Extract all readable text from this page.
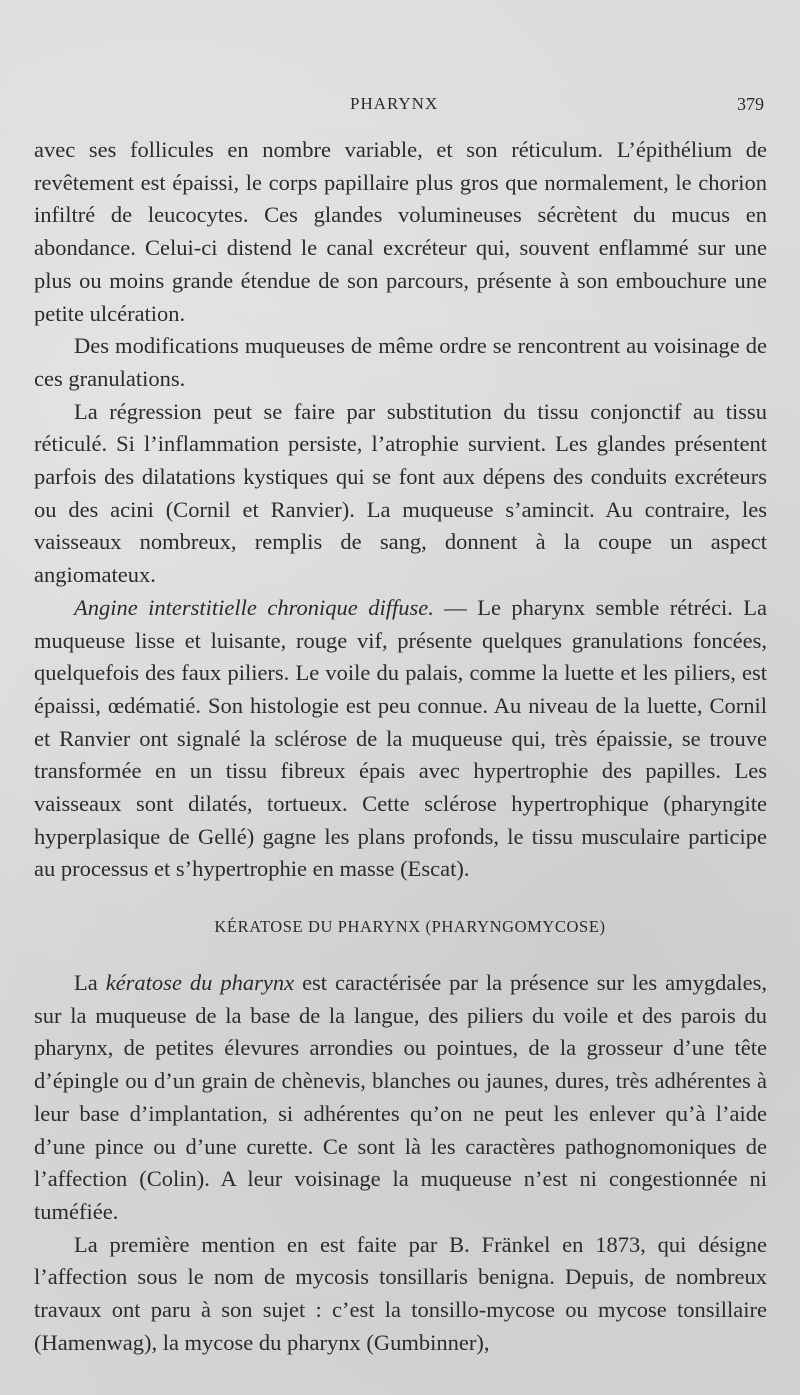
PHARYNX	379

avec ses follicules en nombre variable, et son réticulum. L’épithélium de revêtement est épaissi, le corps papillaire plus gros que normalement, le chorion infiltré de leucocytes. Ces glandes volumineuses sécrètent du mucus en abondance. Celui-ci distend le canal excréteur qui, souvent enflammé sur une plus ou moins grande étendue de son parcours, présente à son embouchure une petite ulcération.

Des modifications muqueuses de même ordre se rencontrent au voisinage de ces granulations.

La régression peut se faire par substitution du tissu conjonctif au tissu réticulé. Si l’inflammation persiste, l’atrophie survient. Les glandes présentent parfois des dilatations kystiques qui se font aux dépens des conduits excréteurs ou des acini (Cornil et Ranvier). La muqueuse s’amincit. Au contraire, les vaisseaux nombreux, remplis de sang, donnent à la coupe un aspect angiomateux.

Angine interstitielle chronique diffuse. — Le pharynx semble rétréci. La muqueuse lisse et luisante, rouge vif, présente quelques granulations foncées, quelquefois des faux piliers. Le voile du palais, comme la luette et les piliers, est épaissi, œdématié. Son histologie est peu connue. Au niveau de la luette, Cornil et Ranvier ont signalé la sclérose de la muqueuse qui, très épaissie, se trouve transformée en un tissu fibreux épais avec hypertrophie des papilles. Les vaisseaux sont dilatés, tortueux. Cette sclérose hypertrophique (pharyngite hyperplasique de Gellé) gagne les plans profonds, le tissu musculaire participe au processus et s’hypertrophie en masse (Escat).

KÉRATOSE DU PHARYNX (PHARYNGOMYCOSE)

La kératose du pharynx est caractérisée par la présence sur les amygdales, sur la muqueuse de la base de la langue, des piliers du voile et des parois du pharynx, de petites élevures arrondies ou pointues, de la grosseur d’une tête d’épingle ou d’un grain de chènevis, blanches ou jaunes, dures, très adhérentes à leur base d’implantation, si adhérentes qu’on ne peut les enlever qu’à l’aide d’une pince ou d’une curette. Ce sont là les caractères pathognomoniques de l’affection (Colin). A leur voisinage la muqueuse n’est ni congestionnée ni tuméfiée.

La première mention en est faite par B. Fränkel en 1873, qui désigne l’affection sous le nom de mycosis tonsillaris benigna. Depuis, de nombreux travaux ont paru à son sujet : c’est la tonsillo-mycose ou mycose tonsillaire (Hamenwag), la mycose du pharynx (Gumbinner),
